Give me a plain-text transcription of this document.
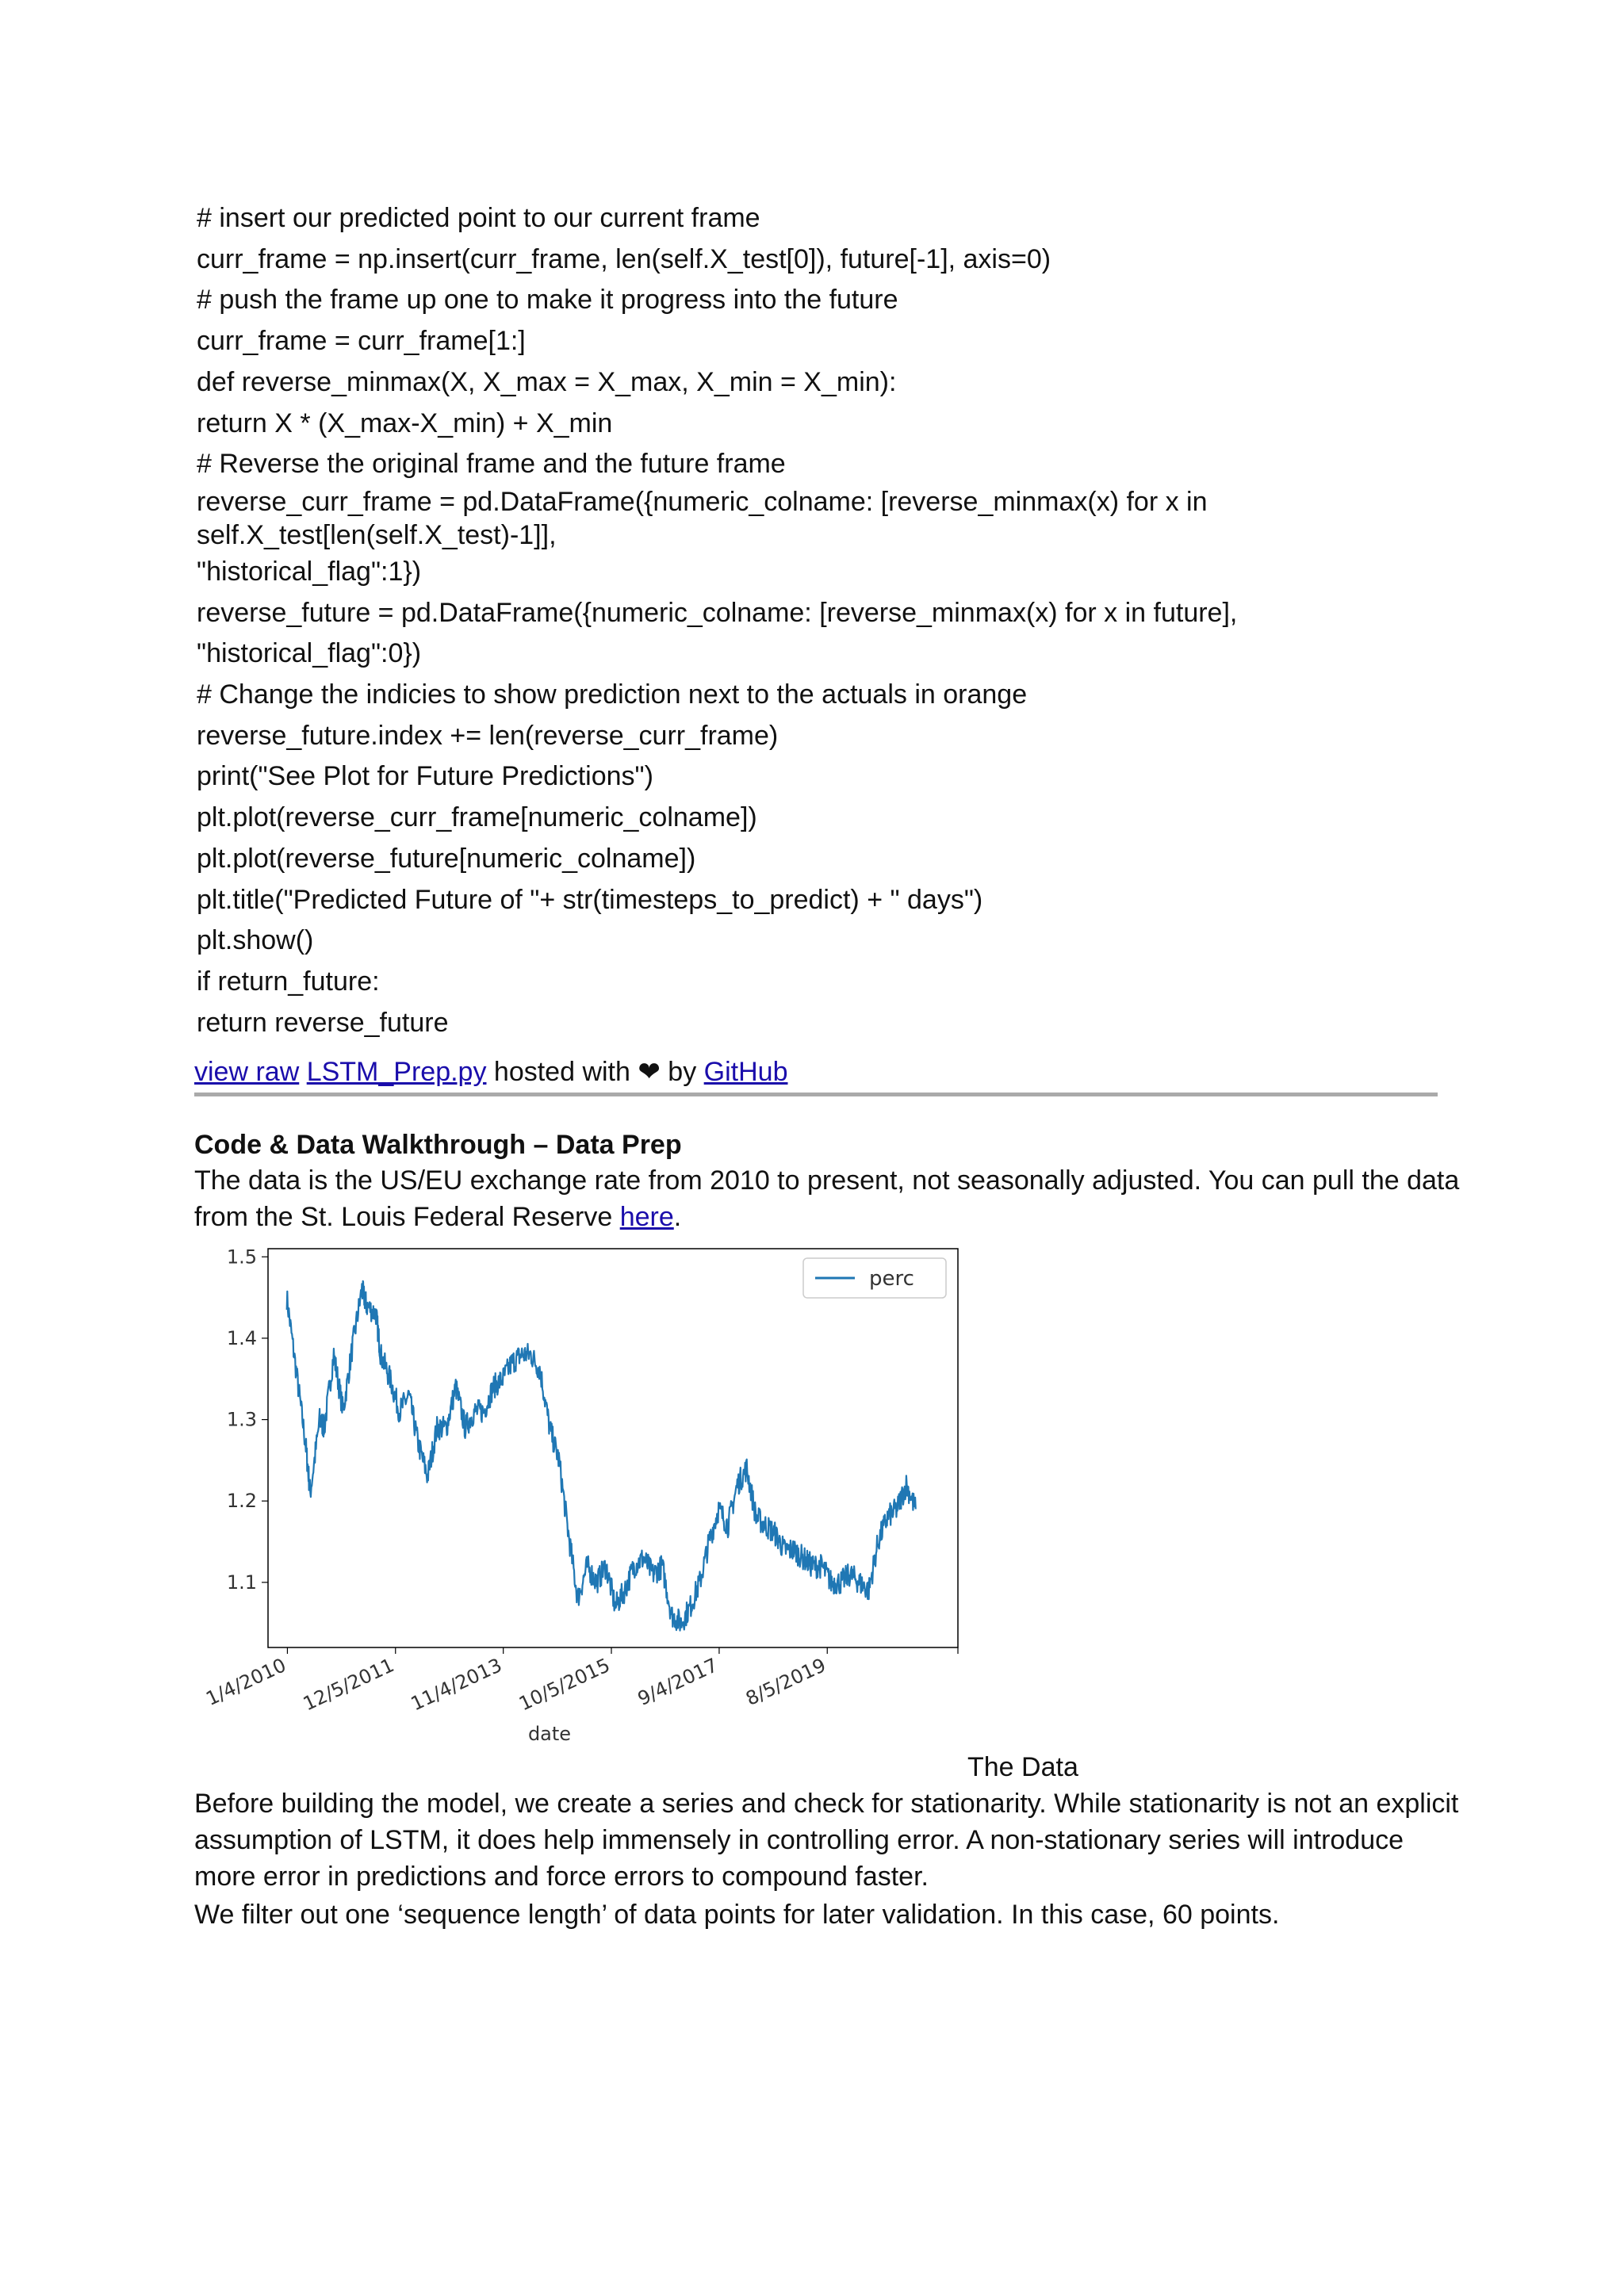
# insert our predicted point to our current frame
curr_frame = np.insert(curr_frame, len(self.X_test[0]), future[-1], axis=0)
# push the frame up one to make it progress into the future
curr_frame = curr_frame[1:]
def reverse_minmax(X, X_max = X_max, X_min = X_min):
return X * (X_max-X_min) + X_min
# Reverse the original frame and the future frame
reverse_curr_frame = pd.DataFrame({numeric_colname: [reverse_minmax(x) for x in
self.X_test[len(self.X_test)-1]],
"historical_flag":1})
reverse_future = pd.DataFrame({numeric_colname: [reverse_minmax(x) for x in future],
"historical_flag":0})
# Change the indicies to show prediction next to the actuals in orange
reverse_future.index += len(reverse_curr_frame)
print("See Plot for Future Predictions")
plt.plot(reverse_curr_frame[numeric_colname])
plt.plot(reverse_future[numeric_colname])
plt.title("Predicted Future of "+ str(timesteps_to_predict) + " days")
plt.show()
if return_future:
return reverse_future
view raw LSTM_Prep.py hosted with ❤ by GitHub
Code & Data Walkthrough – Data Prep
The data is the US/EU exchange rate from 2010 to present, not seasonally adjusted. You can pull the data from the St. Louis Federal Reserve here.
1.1
1.2
1.3
1.4
1.5
1/4/2010 12/5/2011 11/4/2013 10/5/2015 9/4/2017 8/5/2019
date
perc
The Data
Before building the model, we create a series and check for stationarity. While stationarity is not an explicit assumption of LSTM, it does help immensely in controlling error. A non-stationary series will introduce more error in predictions and force errors to compound faster.
We filter out one ‘sequence length’ of data points for later validation. In this case, 60 points.
